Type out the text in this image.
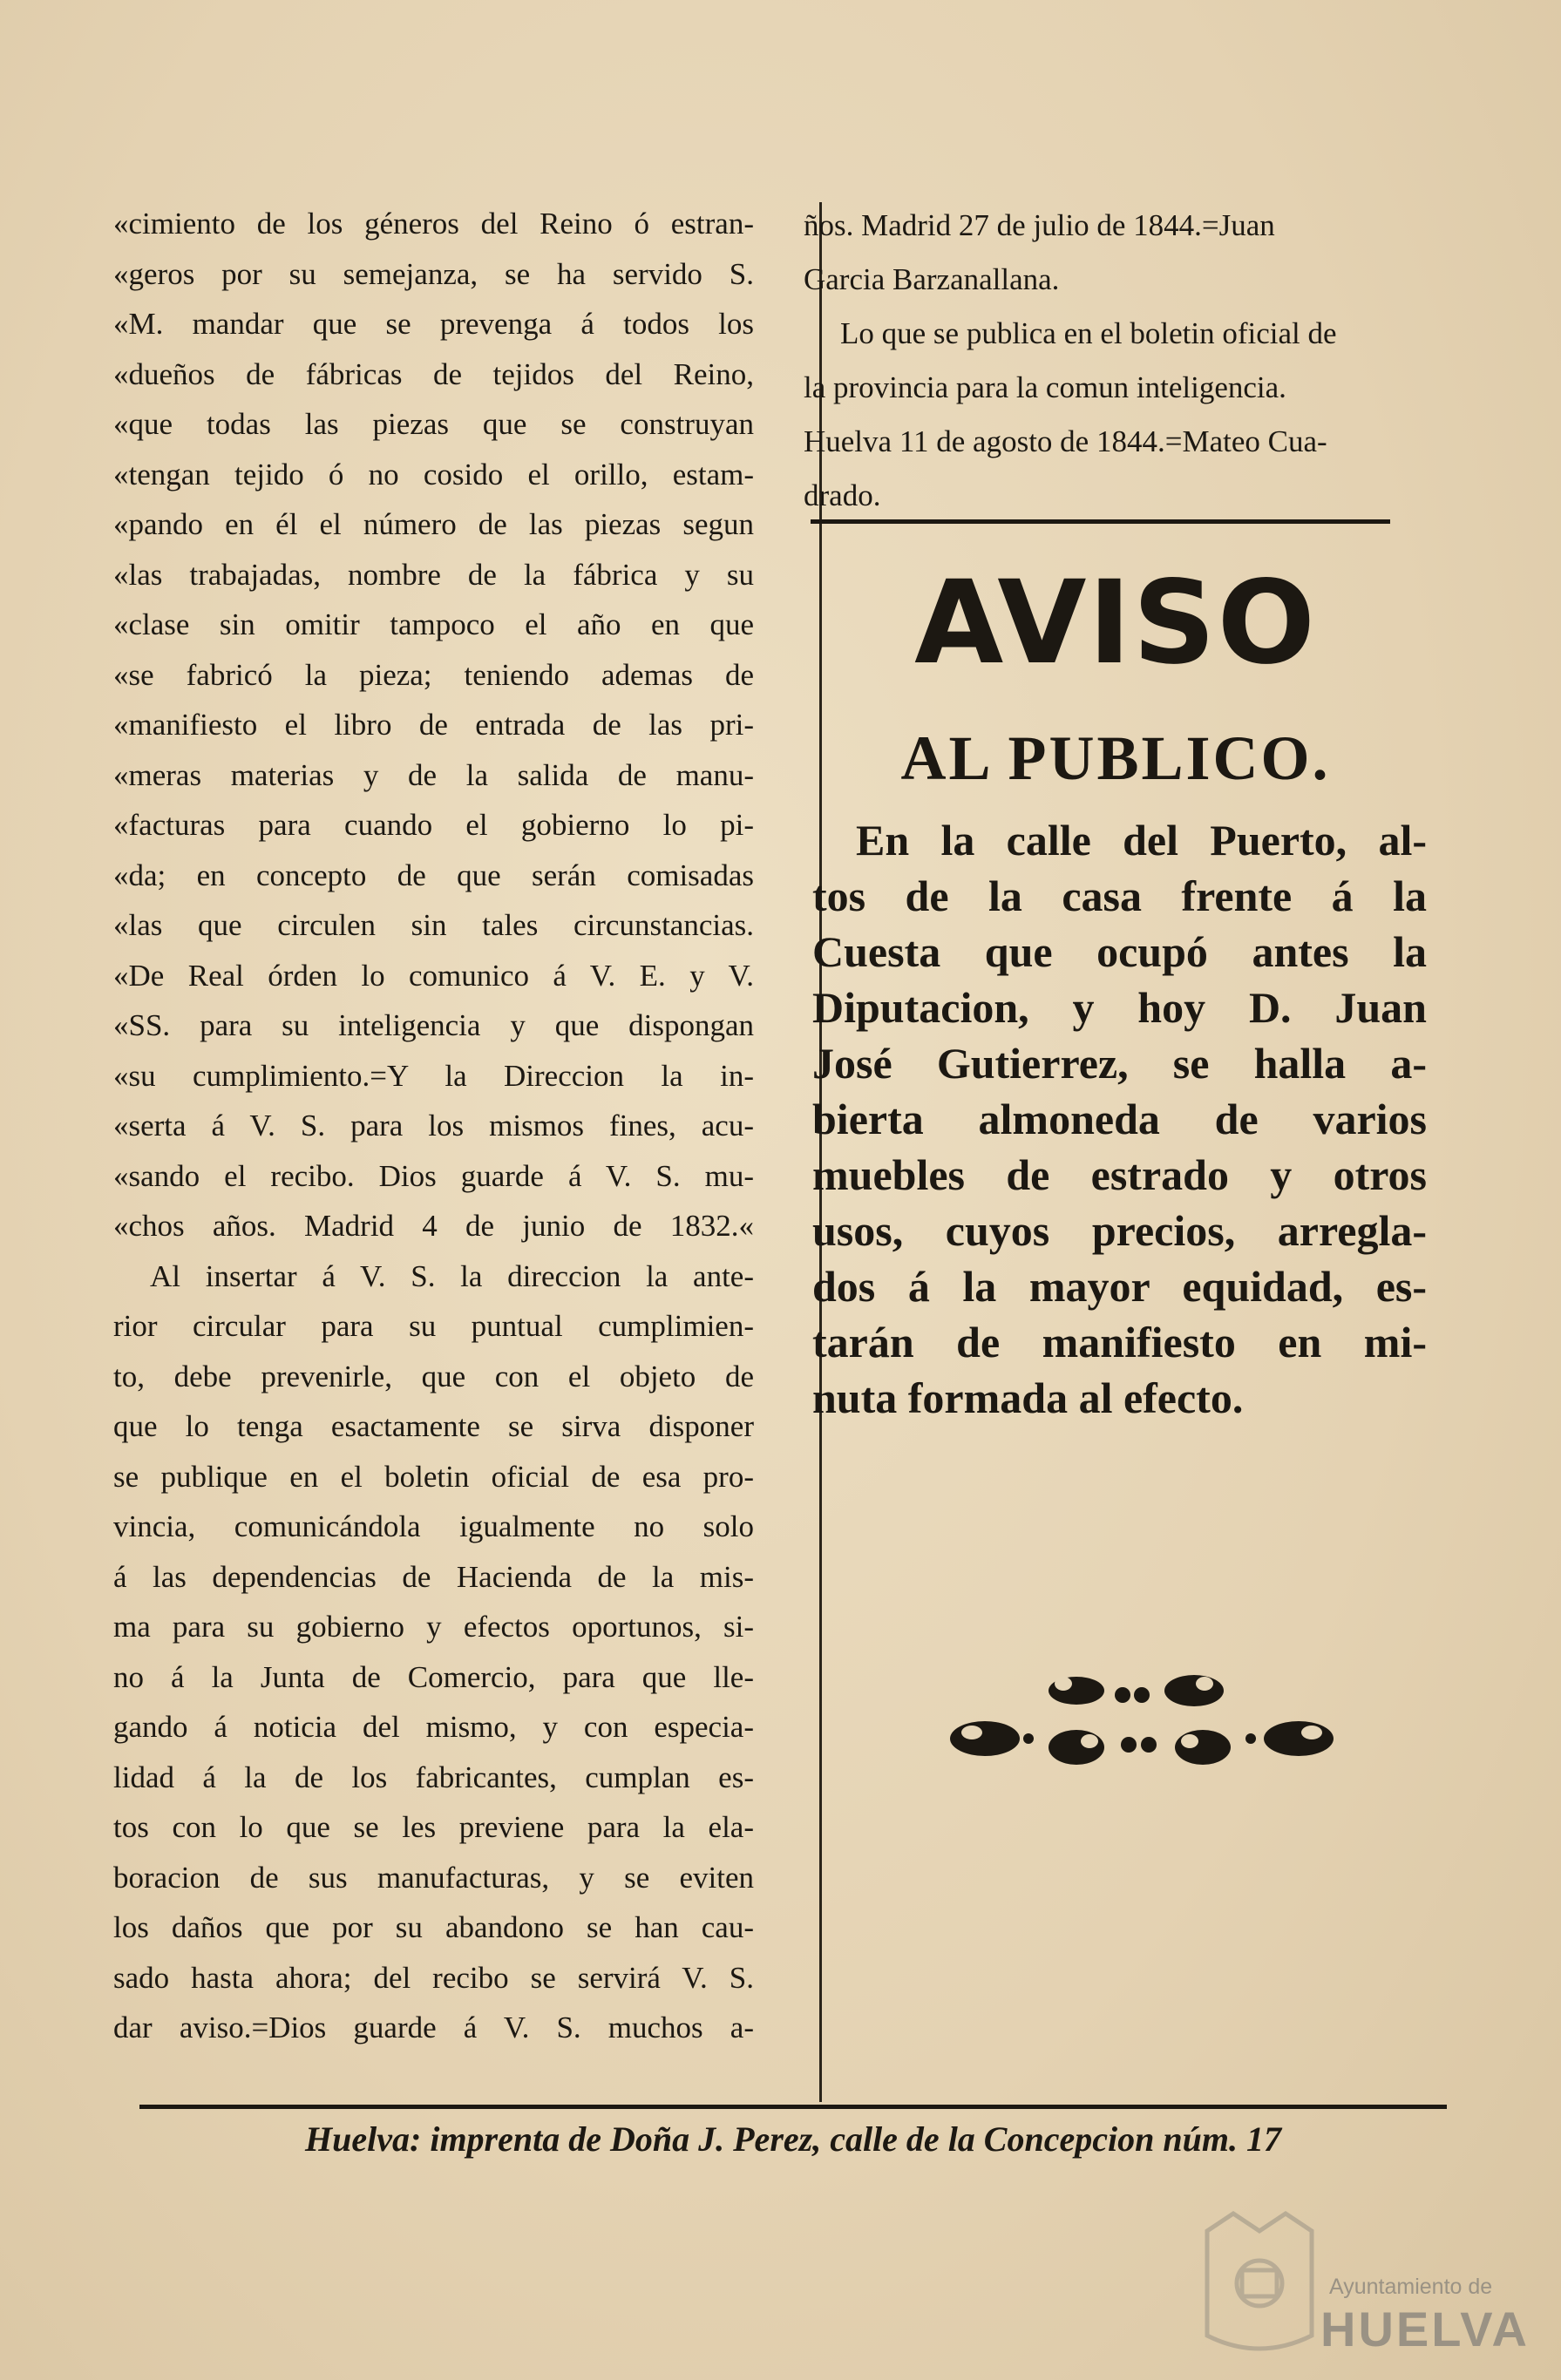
«cimiento de los géneros del Reino ó estran-

«geros por su semejanza, se ha servido S.

«M. mandar que se prevenga á todos los

«dueños de fábricas de tejidos del Reino,

«que todas las piezas que se construyan

«tengan tejido ó no cosido el orillo, estam-

«pando en él el número de las piezas segun

«las trabajadas, nombre de la fábrica y su

«clase sin omitir tampoco el año en que

«se fabricó la pieza; teniendo ademas de

«manifiesto el libro de entrada de las pri-

«meras materias y de la salida de manu-

«facturas para cuando el gobierno lo pi-

«da; en concepto de que serán comisadas

«las que circulen sin tales circunstancias.

«De Real órden lo comunico á V. E. y V.

«SS. para su inteligencia y que dispongan

«su cumplimiento.=Y la Direccion la in-

«serta á V. S. para los mismos fines, acu-

«sando el recibo. Dios guarde á V. S. mu-

«chos años. Madrid 4 de junio de 1832.«

Al insertar á V. S. la direccion la ante-

rior circular para su puntual cumplimien-

to, debe prevenirle, que con el objeto de

que lo tenga esactamente se sirva disponer

se publique en el boletin oficial de esa pro-

vincia, comunicándola igualmente no solo

á las dependencias de Hacienda de la mis-

ma para su gobierno y efectos oportunos, si-

no á la Junta de Comercio, para que lle-

gando á noticia del mismo, y con especia-

lidad á la de los fabricantes, cumplan es-

tos con lo que se les previene para la ela-

boracion de sus manufacturas, y se eviten

los daños que por su abandono se han cau-

sado hasta ahora; del recibo se servirá V. S.

dar aviso.=Dios guarde á V. S. muchos a-

ños. Madrid 27 de julio de 1844.=Juan

Garcia Barzanallana.

Lo que se publica en el boletin oficial de

la provincia para la comun inteligencia.

Huelva 11 de agosto de 1844.=Mateo Cua-

drado.

AVISO
AL PUBLICO.
En la calle del Puerto, al-
tos de la casa frente á la
Cuesta que ocupó antes la
Diputacion, y hoy D. Juan
José Gutierrez, se halla a-
bierta almoneda de varios
muebles de estrado y otros
usos, cuyos precios, arregla-
dos á la mayor equidad, es-
tarán de manifiesto en mi-
nuta formada al efecto.
Huelva: imprenta de Doña J. Perez, calle de la Concepcion núm. 17
Ayuntamiento de
HUELVA
